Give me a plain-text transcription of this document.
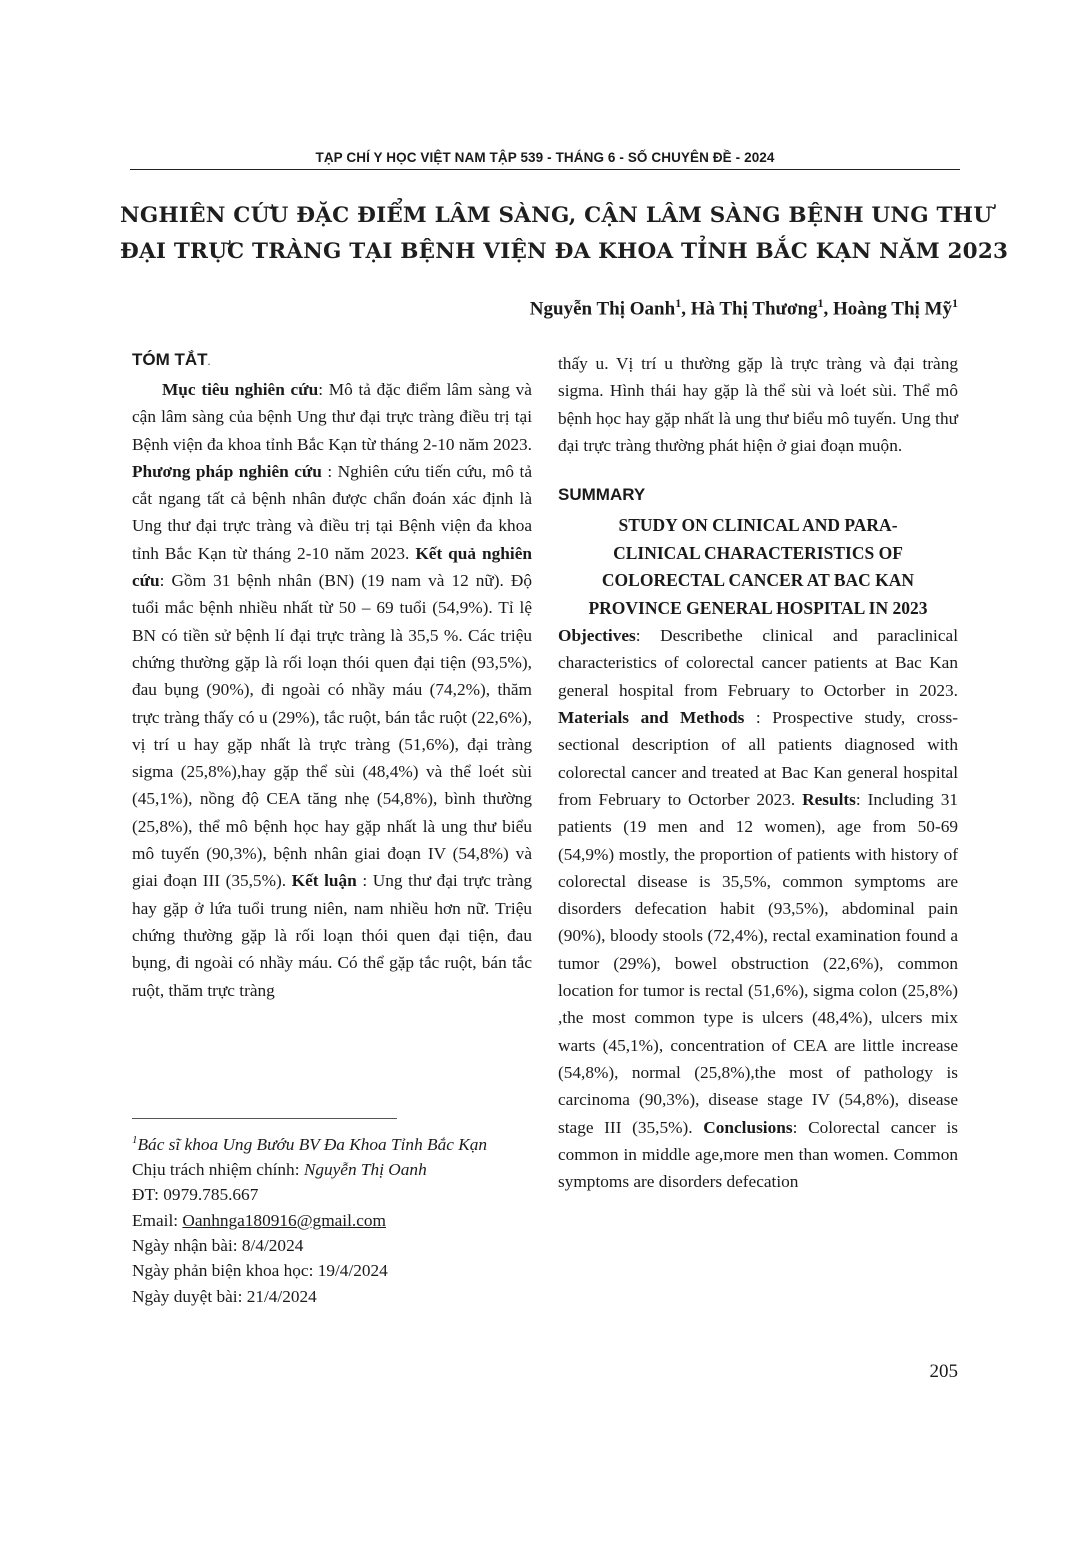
TẠP CHÍ Y HỌC VIỆT NAM TẬP 539 - THÁNG 6 - SỐ CHUYÊN ĐỀ - 2024
NGHIÊN CỨU ĐẶC ĐIỂM LÂM SÀNG, CẬN LÂM SÀNG BỆNH UNG THƯ
ĐẠI TRỰC TRÀNG TẠI BỆNH VIỆN ĐA KHOA TỈNH BẮC KẠN NĂM 2023
Nguyễn Thị Oanh$^1$, Hà Thị Thương$^1$, Hoàng Thị Mỹ$^1$
TÓM TẮT.
Mục tiêu nghiên cứu: Mô tả đặc điểm lâm sàng và cận lâm sàng của bệnh Ung thư đại trực tràng điều trị tại Bệnh viện đa khoa tỉnh Bắc Kạn từ tháng 2-10 năm 2023. Phương pháp nghiên cứu : Nghiên cứu tiến cứu, mô tả cắt ngang tất cả bệnh nhân được chẩn đoán xác định là Ung thư đại trực tràng và điều trị tại Bệnh viện đa khoa tỉnh Bắc Kạn từ tháng 2-10 năm 2023. Kết quả nghiên cứu: Gồm 31 bệnh nhân (BN) (19 nam và 12 nữ). Độ tuổi mắc bệnh nhiều nhất từ 50 – 69 tuổi (54,9%). Tỉ lệ BN có tiền sử bệnh lí đại trực tràng là 35,5 %. Các triệu chứng thường gặp là rối loạn thói quen đại tiện (93,5%), đau bụng (90%), đi ngoài có nhầy máu (74,2%), thăm trực tràng thấy có u (29%), tắc ruột, bán tắc ruột (22,6%), vị trí u hay gặp nhất là trực tràng (51,6%), đại tràng sigma (25,8%),hay gặp thể sùi (48,4%) và thể loét sùi (45,1%), nồng độ CEA tăng nhẹ (54,8%), bình thường (25,8%), thể mô bệnh học hay gặp nhất là ung thư biểu mô tuyến (90,3%), bệnh nhân giai đoạn IV (54,8%) và giai đoạn III (35,5%). Kết luận : Ung thư đại trực tràng hay gặp ở lứa tuổi trung niên, nam nhiều hơn nữ. Triệu chứng thường gặp là rối loạn thói quen đại tiện, đau bụng, đi ngoài có nhầy máu. Có thể gặp tắc ruột, bán tắc ruột, thăm trực tràng
$^1$Bác sĩ khoa Ung Bướu BV Đa Khoa Tỉnh Bắc Kạn
Chịu trách nhiệm chính: Nguyễn Thị Oanh
ĐT: 0979.785.667
Email: Oanhnga180916@gmail.com
Ngày nhận bài: 8/4/2024
Ngày phản biện khoa học: 19/4/2024
Ngày duyệt bài: 21/4/2024
thấy u. Vị trí u thường gặp là trực tràng và đại tràng sigma. Hình thái hay gặp là thể sùi và loét sùi. Thể mô bệnh học hay gặp nhất là ung thư biểu mô tuyến. Ung thư đại trực tràng thường phát hiện ở giai đoạn muộn.
SUMMARY
STUDY ON CLINICAL AND PARA-
CLINICAL CHARACTERISTICS OF
COLORECTAL CANCER AT BAC KAN
PROVINCE GENERAL HOSPITAL IN 2023
Objectives: Describethe clinical and paraclinical characteristics of colorectal cancer patients at Bac Kan general hospital from February to Octorber in 2023. Materials and Methods : Prospective study, cross-sectional description of all patients diagnosed with colorectal cancer and treated at Bac Kan general hospital from February to Octorber 2023. Results: Including 31 patients (19 men and 12 women), age from 50-69 (54,9%) mostly, the proportion of patients with history of colorectal disease is 35,5%, common symptoms are disorders defecation habit (93,5%), abdominal pain (90%), bloody stools (72,4%), rectal examination found a tumor (29%), bowel obstruction (22,6%), common location for tumor is rectal (51,6%), sigma colon (25,8%) ,the most common type is ulcers (48,4%), ulcers mix warts (45,1%), concentration of CEA are little increase (54,8%), normal (25,8%),the most of pathology is carcinoma (90,3%), disease stage IV (54,8%), disease stage III (35,5%). Conclusions: Colorectal cancer is common in middle age,more men than women. Common symptoms are disorders defecation
205
